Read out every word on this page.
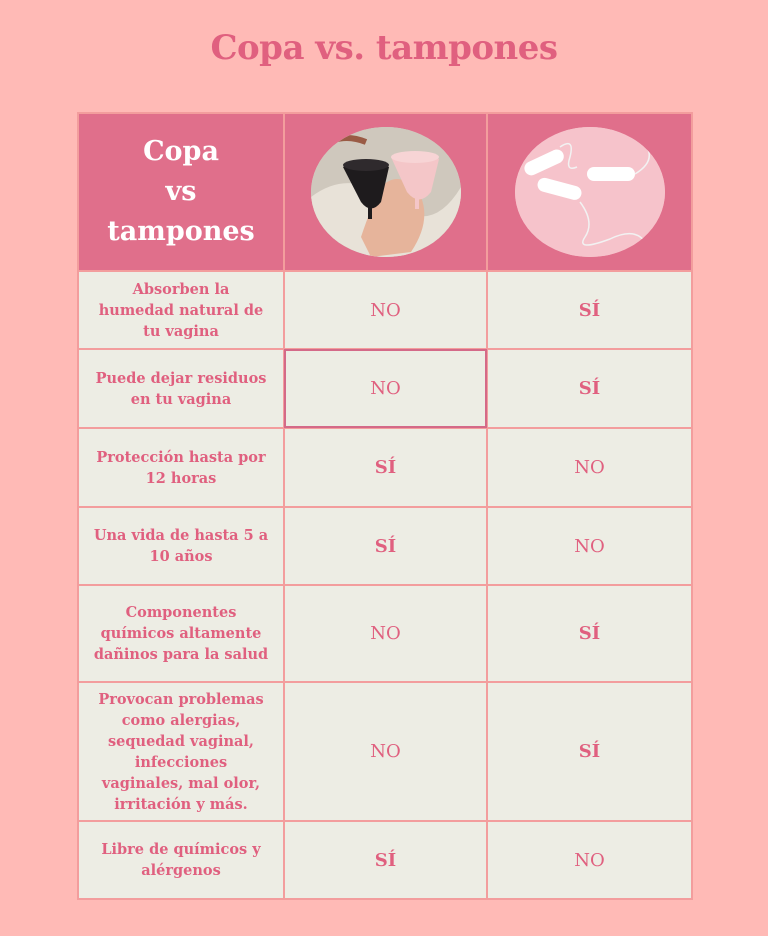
Copa vs. tampones
Copa
vs
tampones

Absorben la humedad natural de tu vagina	NO	SÍ
Puede dejar residuos en tu vagina	NO	SÍ
Protección hasta por 12 horas	SÍ	NO
Una vida de hasta 5 a 10 años	SÍ	NO
Componentes químicos altamente dañinos para la salud	NO	SÍ
Provocan problemas como alergias, sequedad vaginal, infecciones vaginales, mal olor, irritación y más.	NO	SÍ
Libre de químicos y alérgenos	SÍ	NO
